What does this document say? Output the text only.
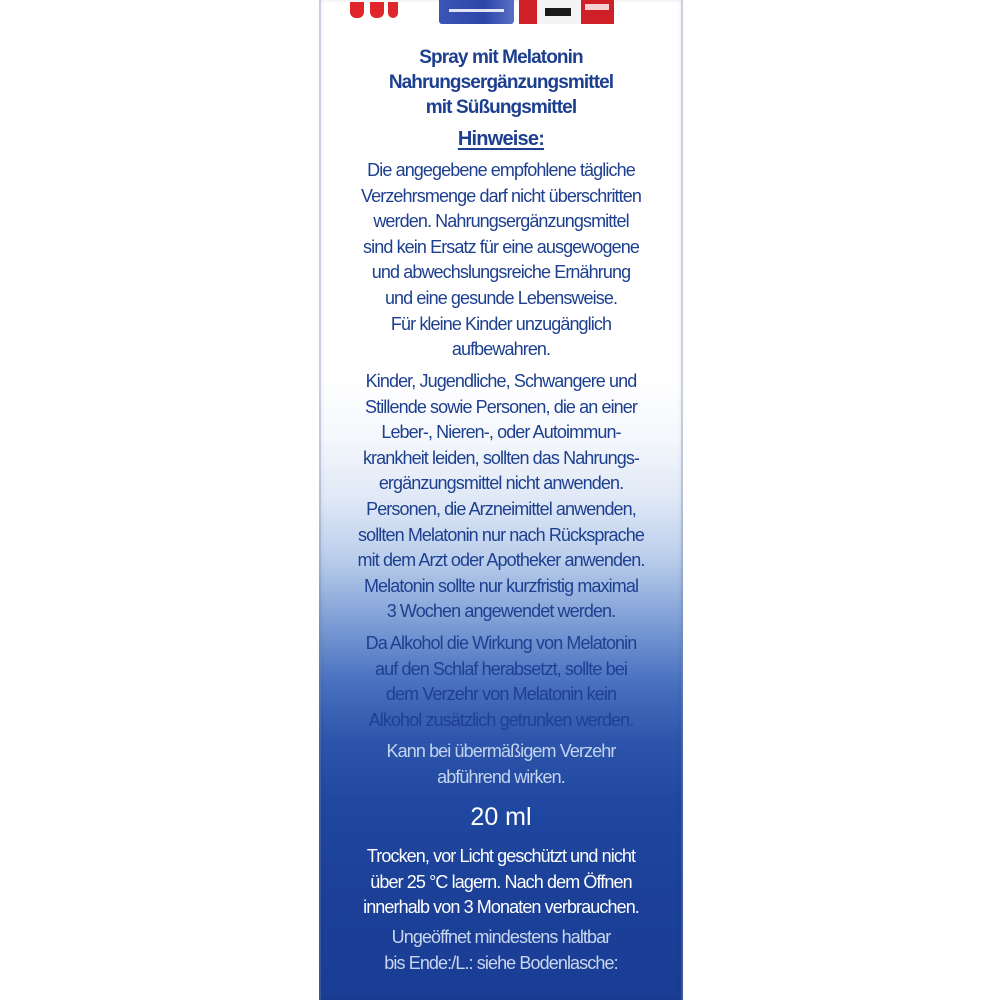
Spray mit Melatonin
Nahrungsergänzungsmittel
mit Süßungsmittel
Hinweise:
Die angegebene empfohlene tägliche
Verzehrsmenge darf nicht überschritten
werden. Nahrungsergänzungsmittel
sind kein Ersatz für eine ausgewogene
und abwechslungsreiche Ernährung
und eine gesunde Lebensweise.
Für kleine Kinder unzugänglich
aufbewahren.
Kinder, Jugendliche, Schwangere und
Stillende sowie Personen, die an einer
Leber-, Nieren-, oder Autoimmun-
krankheit leiden, sollten das Nahrungs-
ergänzungsmittel nicht anwenden.
Personen, die Arzneimittel anwenden,
sollten Melatonin nur nach Rücksprache
mit dem Arzt oder Apotheker anwenden.
Melatonin sollte nur kurzfristig maximal
3 Wochen angewendet werden.
Da Alkohol die Wirkung von Melatonin
auf den Schlaf herabsetzt, sollte bei
dem Verzehr von Melatonin kein
Alkohol zusätzlich getrunken werden.
Kann bei übermäßigem Verzehr
abführend wirken.
20 ml
Trocken, vor Licht geschützt und nicht
über 25 °C lagern. Nach dem Öffnen
innerhalb von 3 Monaten verbrauchen.
Ungeöffnet mindestens haltbar
bis Ende:/L.: siehe Bodenlasche:
